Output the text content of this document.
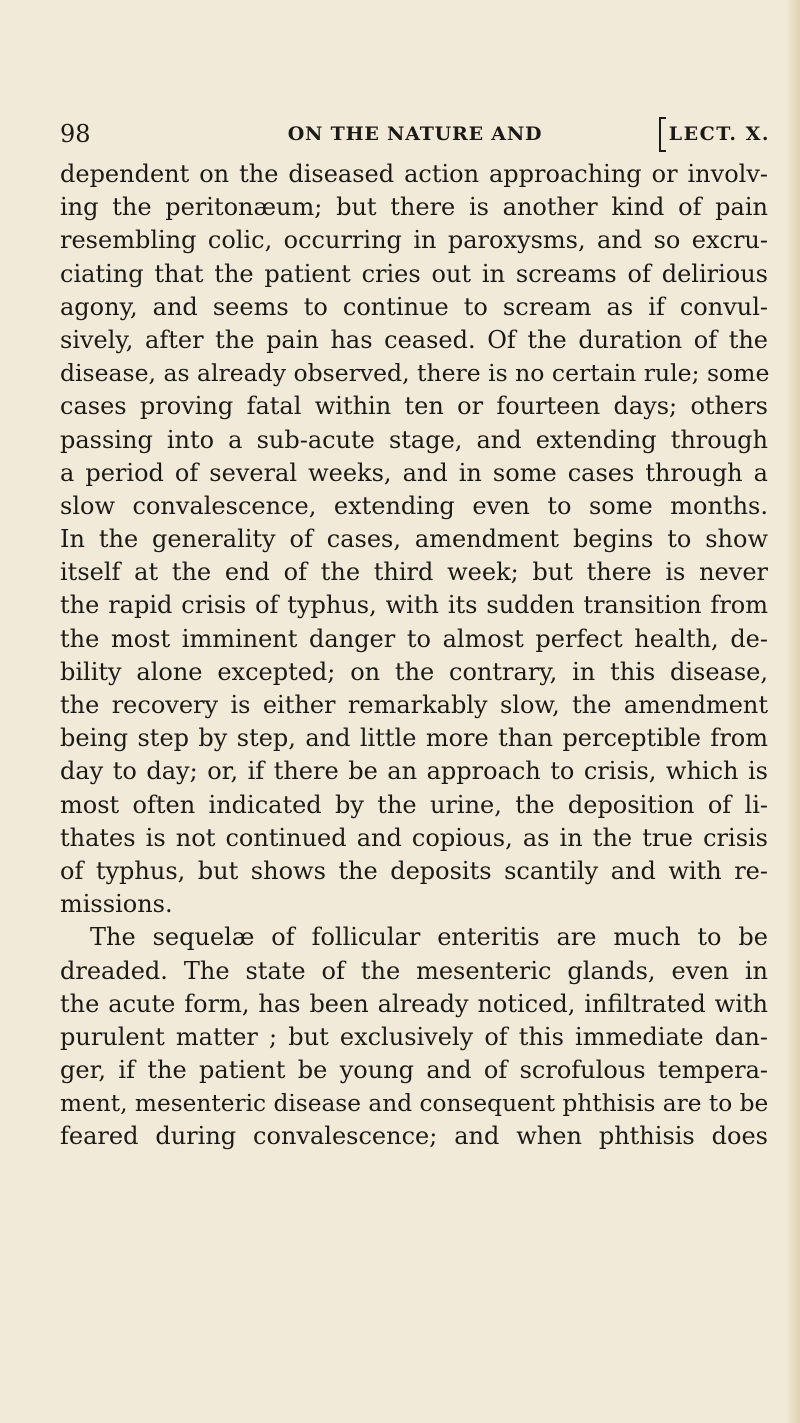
98	ON THE NATURE AND	LECT. X.
dependent on the diseased action approaching or involv-
ing the peritonæum; but there is another kind of pain
resembling colic, occurring in paroxysms, and so excru-
ciating that the patient cries out in screams of delirious
agony, and seems to continue to scream as if convul-
sively, after the pain has ceased. Of the duration of the
disease, as already observed, there is no certain rule; some
cases proving fatal within ten or fourteen days; others
passing into a sub-acute stage, and extending through
a period of several weeks, and in some cases through a
slow convalescence, extending even to some months.
In the generality of cases, amendment begins to show
itself at the end of the third week; but there is never
the rapid crisis of typhus, with its sudden transition from
the most imminent danger to almost perfect health, de-
bility alone excepted; on the contrary, in this disease,
the recovery is either remarkably slow, the amendment
being step by step, and little more than perceptible from
day to day; or, if there be an approach to crisis, which is
most often indicated by the urine, the deposition of li-
thates is not continued and copious, as in the true crisis
of typhus, but shows the deposits scantily and with re-
missions.
The sequelæ of follicular enteritis are much to be
dreaded. The state of the mesenteric glands, even in
the acute form, has been already noticed, infiltrated with
purulent matter ; but exclusively of this immediate dan-
ger, if the patient be young and of scrofulous tempera-
ment, mesenteric disease and consequent phthisis are to be
feared during convalescence; and when phthisis does
